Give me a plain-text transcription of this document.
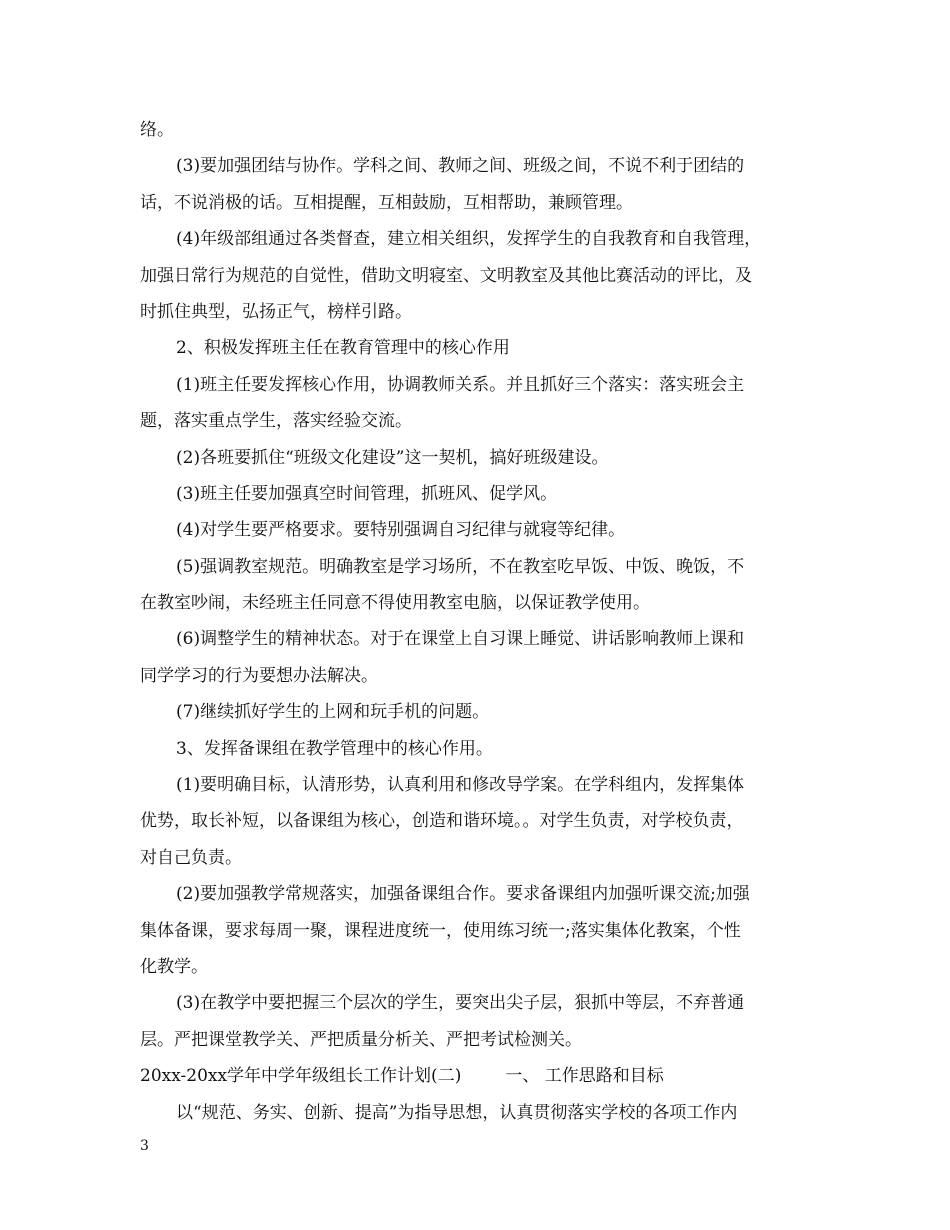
络。
(3)要加强团结与协作。学科之间、教师之间、班级之间，不说不利于团结的
话，不说消极的话。互相提醒，互相鼓励，互相帮助，兼顾管理。
(4)年级部组通过各类督查，建立相关组织，发挥学生的自我教育和自我管理，
加强日常行为规范的自觉性，借助文明寝室、文明教室及其他比赛活动的评比，及
时抓住典型，弘扬正气，榜样引路。
2、积极发挥班主任在教育管理中的核心作用
(1)班主任要发挥核心作用，协调教师关系。并且抓好三个落实：落实班会主
题，落实重点学生，落实经验交流。
(2)各班要抓住“班级文化建设”这一契机，搞好班级建设。
(3)班主任要加强真空时间管理，抓班风、促学风。
(4)对学生要严格要求。要特别强调自习纪律与就寝等纪律。
(5)强调教室规范。明确教室是学习场所，不在教室吃早饭、中饭、晚饭，不
在教室吵闹，未经班主任同意不得使用教室电脑，以保证教学使用。
(6)调整学生的精神状态。对于在课堂上自习课上睡觉、讲话影响教师上课和
同学学习的行为要想办法解决。
(7)继续抓好学生的上网和玩手机的问题。
3、发挥备课组在教学管理中的核心作用。
(1)要明确目标，认清形势，认真利用和修改导学案。在学科组内，发挥集体
优势，取长补短，以备课组为核心，创造和谐环境。。对学生负责，对学校负责，
对自己负责。
(2)要加强教学常规落实，加强备课组合作。要求备课组内加强听课交流;加强
集体备课，要求每周一聚，课程进度统一，使用练习统一;落实集体化教案，个性
化教学。
(3)在教学中要把握三个层次的学生，要突出尖子层，狠抓中等层，不弃普通
层。严把课堂教学关、严把质量分析关、严把考试检测关。
20xx-20xx学年中学年级组长工作计划(二)	一、 工作思路和目标
以“规范、务实、创新、提高”为指导思想，认真贯彻落实学校的各项工作内
3
